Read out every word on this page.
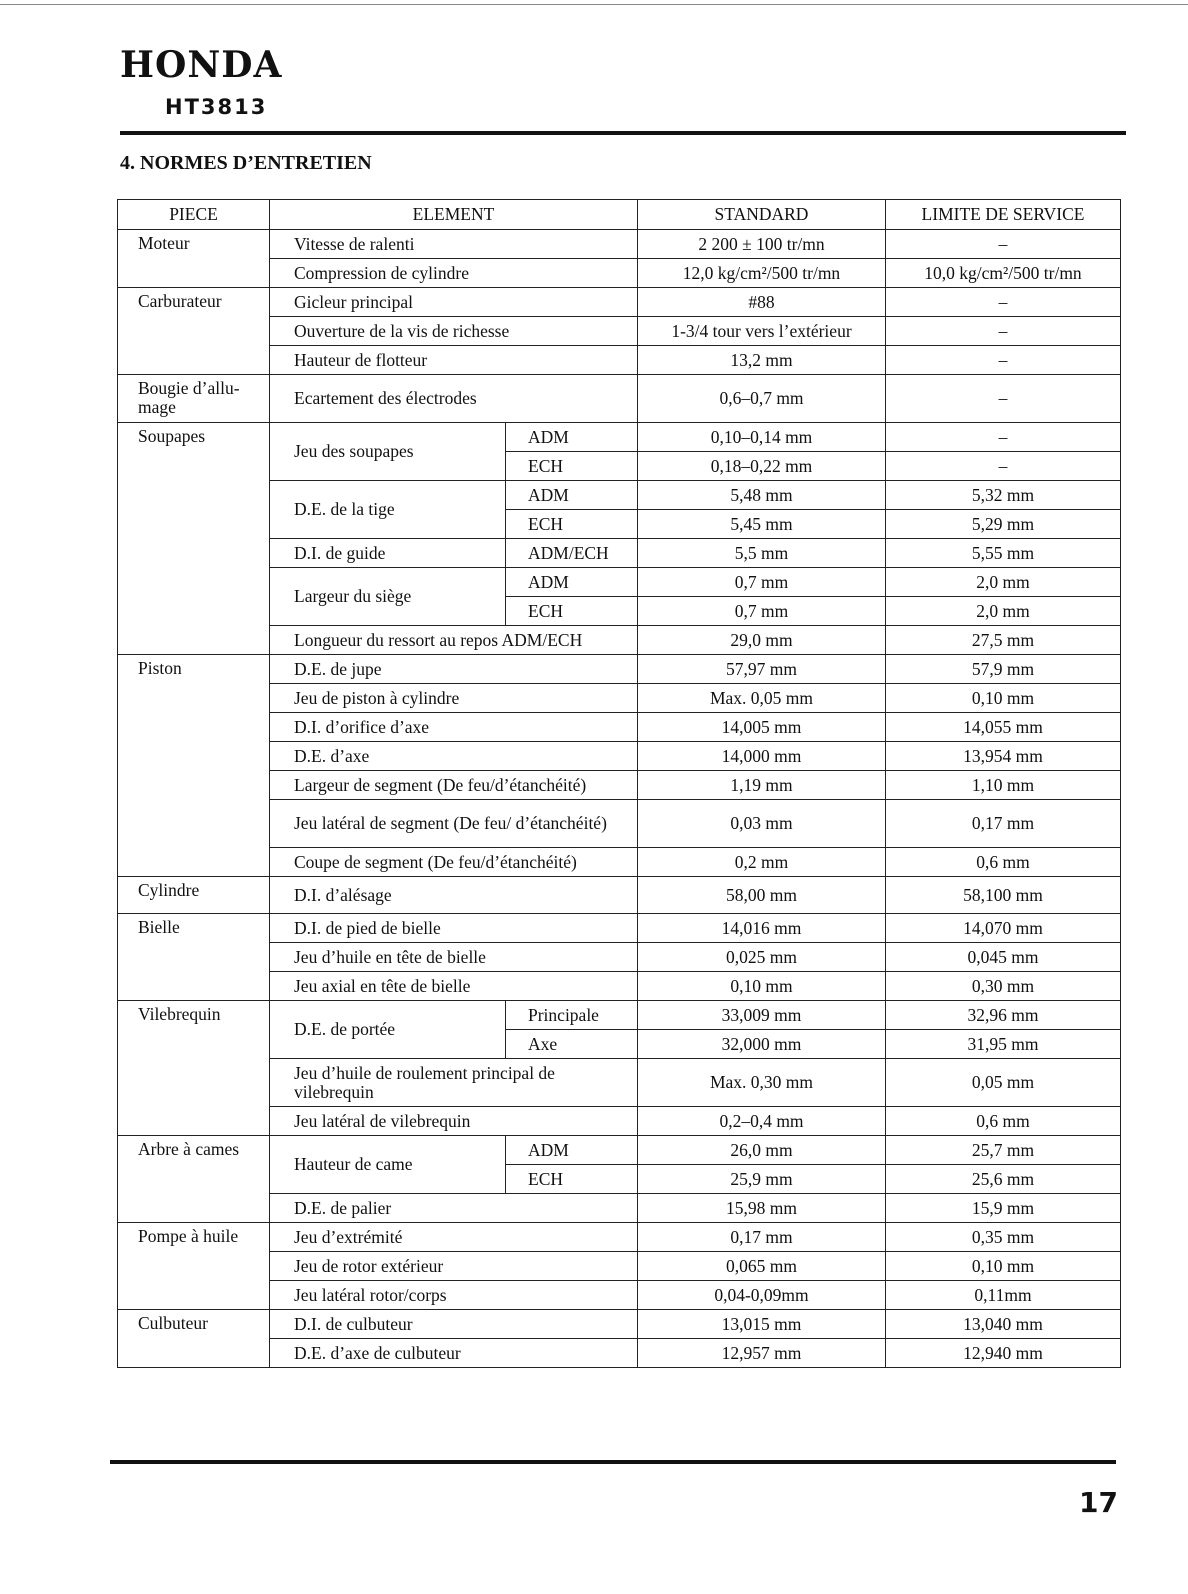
HONDA
HT3813
4. NORMES D’ENTRETIEN
PIECE	ELEMENT		STANDARD	LIMITE DE SERVICE
Moteur	Vitesse de ralenti		2 200 ± 100 tr/mn	–
	Compression de cylindre		12,0 kg/cm²/500 tr/mn	10,0 kg/cm²/500 tr/mn
Carburateur	Gicleur principal		#88	–
	Ouverture de la vis de richesse		1-3/4 tour vers l’extérieur	–
	Hauteur de flotteur		13,2 mm	–
Bougie d’allu-mage	Ecartement des électrodes		0,6–0,7 mm	–
Soupapes	Jeu des soupapes	ADM	0,10–0,14 mm	–
		ECH	0,18–0,22 mm	–
	D.E. de la tige	ADM	5,48 mm	5,32 mm
		ECH	5,45 mm	5,29 mm
	D.I. de guide	ADM/ECH	5,5 mm	5,55 mm
	Largeur du siège	ADM	0,7 mm	2,0 mm
		ECH	0,7 mm	2,0 mm
	Longueur du ressort au repos ADM/ECH		29,0 mm	27,5 mm
Piston	D.E. de jupe		57,97 mm	57,9 mm
	Jeu de piston à cylindre		Max. 0,05 mm	0,10 mm
	D.I. d’orifice d’axe		14,005 mm	14,055 mm
	D.E. d’axe		14,000 mm	13,954 mm
	Largeur de segment (De feu/d’étanchéité)		1,19 mm	1,10 mm
	Jeu latéral de segment (De feu/ d’étanchéité)		0,03 mm	0,17 mm
	Coupe de segment (De feu/d’étanchéité)		0,2 mm	0,6 mm
Cylindre	D.I. d’alésage		58,00 mm	58,100 mm
Bielle	D.I. de pied de bielle		14,016 mm	14,070 mm
	Jeu d’huile en tête de bielle		0,025 mm	0,045 mm
	Jeu axial en tête de bielle		0,10 mm	0,30 mm
Vilebrequin	D.E. de portée	Principale	33,009 mm	32,96 mm
		Axe	32,000 mm	31,95 mm
	Jeu d’huile de roulement principal de vilebrequin		Max. 0,30 mm	0,05 mm
	Jeu latéral de vilebrequin		0,2–0,4 mm	0,6 mm
Arbre à cames	Hauteur de came	ADM	26,0 mm	25,7 mm
		ECH	25,9 mm	25,6 mm
	D.E. de palier		15,98 mm	15,9 mm
Pompe à huile	Jeu d’extrémité		0,17 mm	0,35 mm
	Jeu de rotor extérieur		0,065 mm	0,10 mm
	Jeu latéral rotor/corps		0,04-0,09mm	0,11mm
Culbuteur	D.I. de culbuteur		13,015 mm	13,040 mm
	D.E. d’axe de culbuteur		12,957 mm	12,940 mm
17
